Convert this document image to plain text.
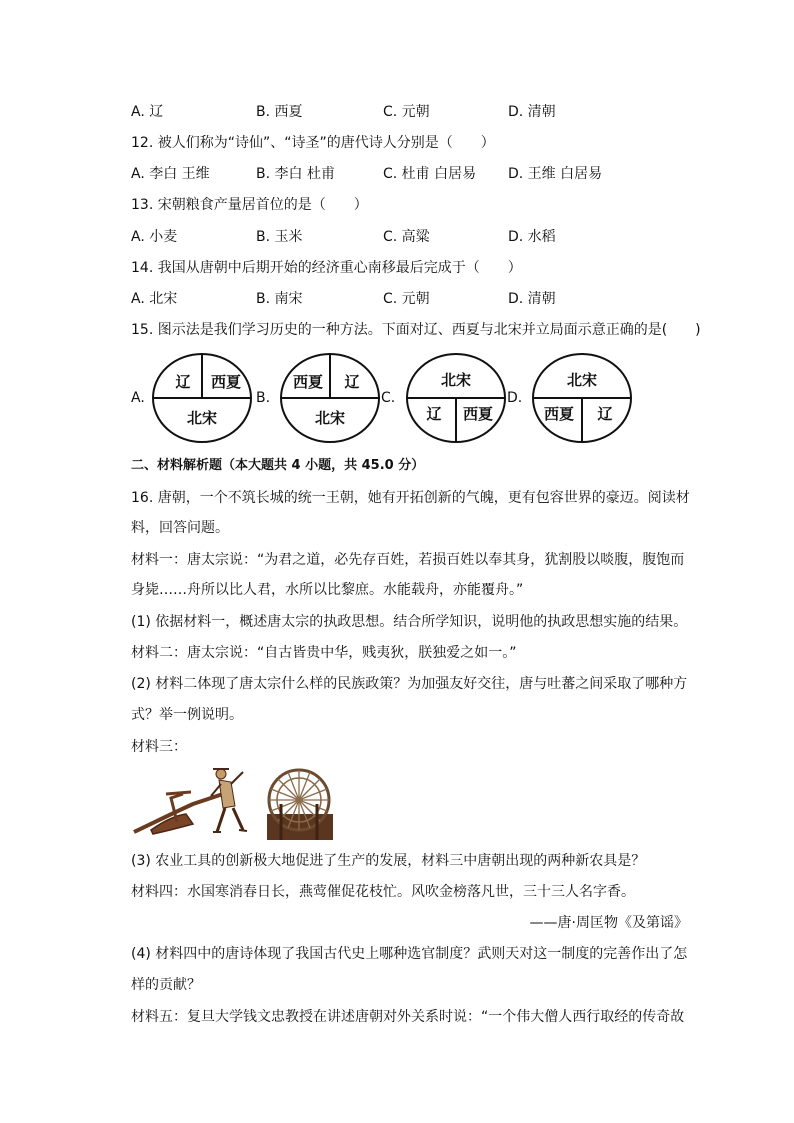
A. 辽	B. 西夏	C. 元朝	D. 清朝
12. 被人们称为“诗仙”、“诗圣”的唐代诗人分别是（　　）
A. 李白 王维	B. 李白 杜甫	C. 杜甫 白居易 D. 王维 白居易
13. 宋朝粮食产量居首位的是（　　）
A. 小麦	B. 玉米	C. 高粱	D. 水稻
14. 我国从唐朝中后期开始的经济重心南移最后完成于（　　）
A. 北宋	B. 南宋	C. 元朝	D. 清朝
15. 图示法是我们学习历史的一种方法。下面对辽、西夏与北宋并立局面示意正确的是(　　)
A.	B.	C.	D.
辽 西夏
北宋
西夏 辽
北宋
北宋
辽 西夏
北宋
西夏 辽
二、材料解析题（本大题共 4 小题，共 45.0 分）
16. 唐朝，一个不筑长城的统一王朝，她有开拓创新的气魄，更有包容世界的豪迈。阅读材
料，回答问题。
材料一：唐太宗说：“为君之道，必先存百姓，若损百姓以奉其身，犹割股以啖腹，腹饱而
身毙……舟所以比人君，水所以比黎庶。水能载舟，亦能覆舟。”
(1) 依据材料一，概述唐太宗的执政思想。结合所学知识，说明他的执政思想实施的结果。
材料二：唐太宗说：“自古皆贵中华，贱夷狄，朕独爱之如一。”
(2) 材料二体现了唐太宗什么样的民族政策？为加强友好交往，唐与吐蕃之间采取了哪种方
式？举一例说明。
材料三：
(3) 农业工具的创新极大地促进了生产的发展，材料三中唐朝出现的两种新农具是？
材料四：水国寒消春日长，燕莺催促花枝忙。风吹金榜落凡世，三十三人名字香。
——唐·周匡物《及第谣》
(4) 材料四中的唐诗体现了我国古代史上哪种选官制度？武则天对这一制度的完善作出了怎
样的贡献？
材料五：复旦大学钱文忠教授在讲述唐朝对外关系时说：“一个伟大僧人西行取经的传奇故
